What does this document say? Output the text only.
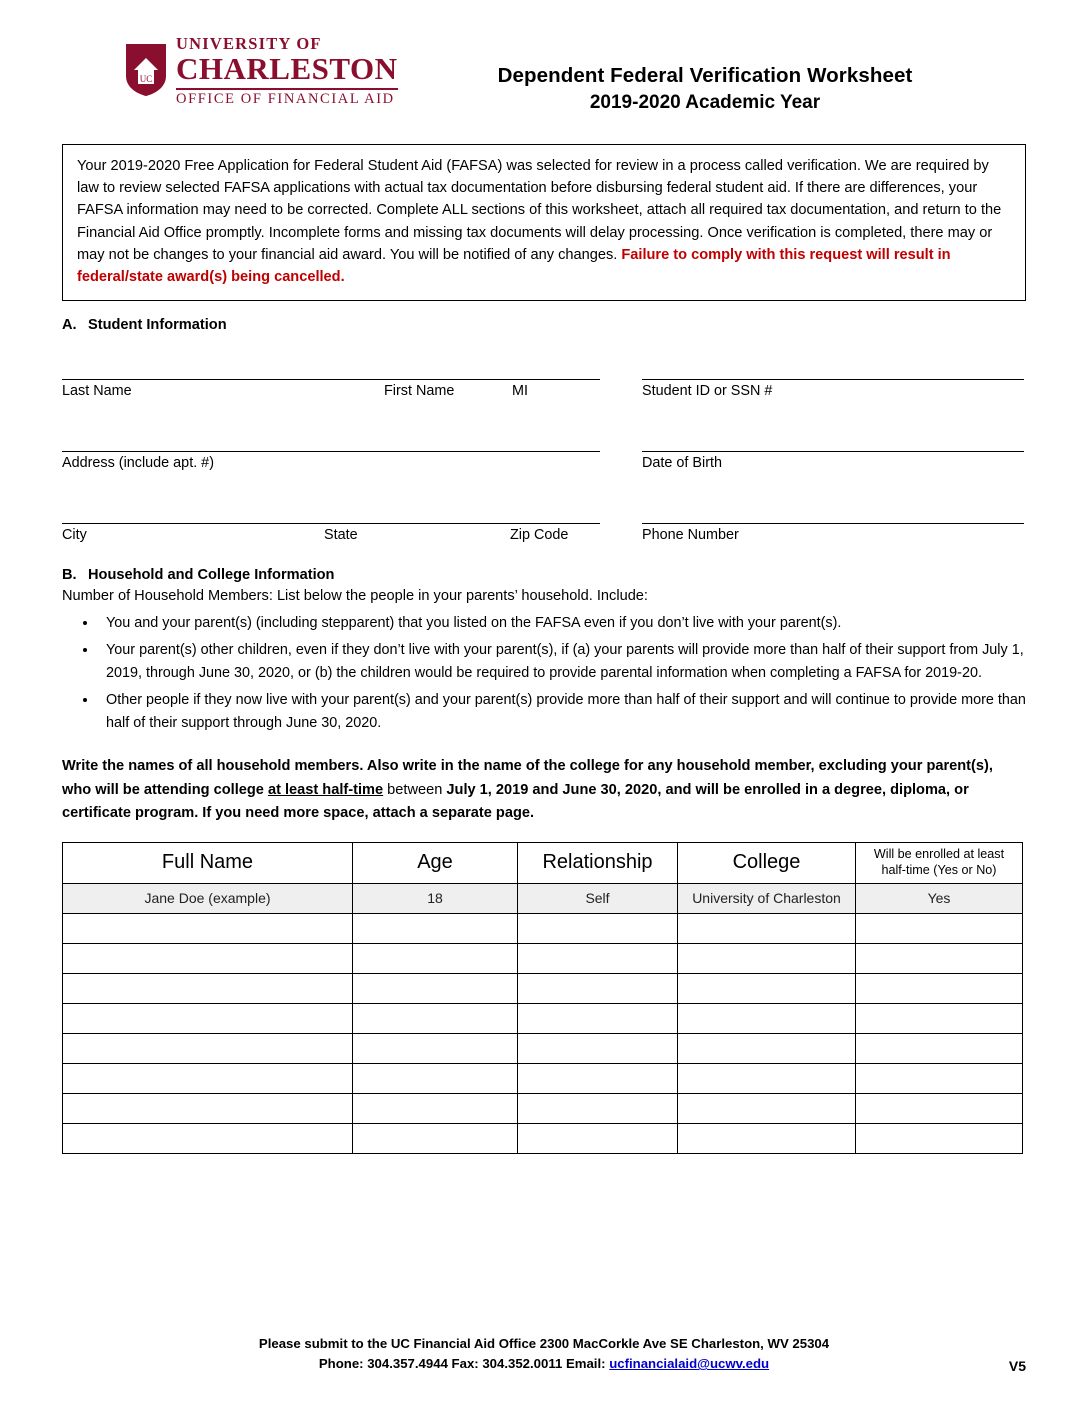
UC
UNIVERSITY OF
CHARLESTON
OFFICE OF FINANCIAL AID
Dependent Federal Verification Worksheet
2019-2020 Academic Year
Your 2019-2020 Free Application for Federal Student Aid (FAFSA) was selected for review in a process called verification. We are required by law to review selected FAFSA applications with actual tax documentation before disbursing federal student aid. If there are differences, your FAFSA information may need to be corrected. Complete ALL sections of this worksheet, attach all required tax documentation, and return to the Financial Aid Office promptly. Incomplete forms and missing tax documents will delay processing. Once verification is completed, there may or may not be changes to your financial aid award. You will be notified of any changes. Failure to comply with this request will result in federal/state award(s) being cancelled.
A. Student Information
Last Name	First Name	MI	Student ID or SSN #
Address (include apt. #)	Date of Birth
City	State	Zip Code	Phone Number
B. Household and College Information
Number of Household Members: List below the people in your parents’ household. Include:
• You and your parent(s) (including stepparent) that you listed on the FAFSA even if you don’t live with your parent(s).
• Your parent(s) other children, even if they don’t live with your parent(s), if (a) your parents will provide more than half of their support from July 1, 2019, through June 30, 2020, or (b) the children would be required to provide parental information when completing a FAFSA for 2019-20.
• Other people if they now live with your parent(s) and your parent(s) provide more than half of their support and will continue to provide more than half of their support through June 30, 2020.
Write the names of all household members. Also write in the name of the college for any household member, excluding your parent(s), who will be attending college at least half-time between July 1, 2019 and June 30, 2020, and will be enrolled in a degree, diploma, or certificate program. If you need more space, attach a separate page.
Full Name	Age	Relationship	College	Will be enrolled at least half-time (Yes or No)
Jane Doe (example)	18	Self	University of Charleston	Yes

Please submit to the UC Financial Aid Office 2300 MacCorkle Ave SE Charleston, WV 25304
Phone: 304.357.4944 Fax: 304.352.0011 Email: ucfinancialaid@ucwv.edu	V5
